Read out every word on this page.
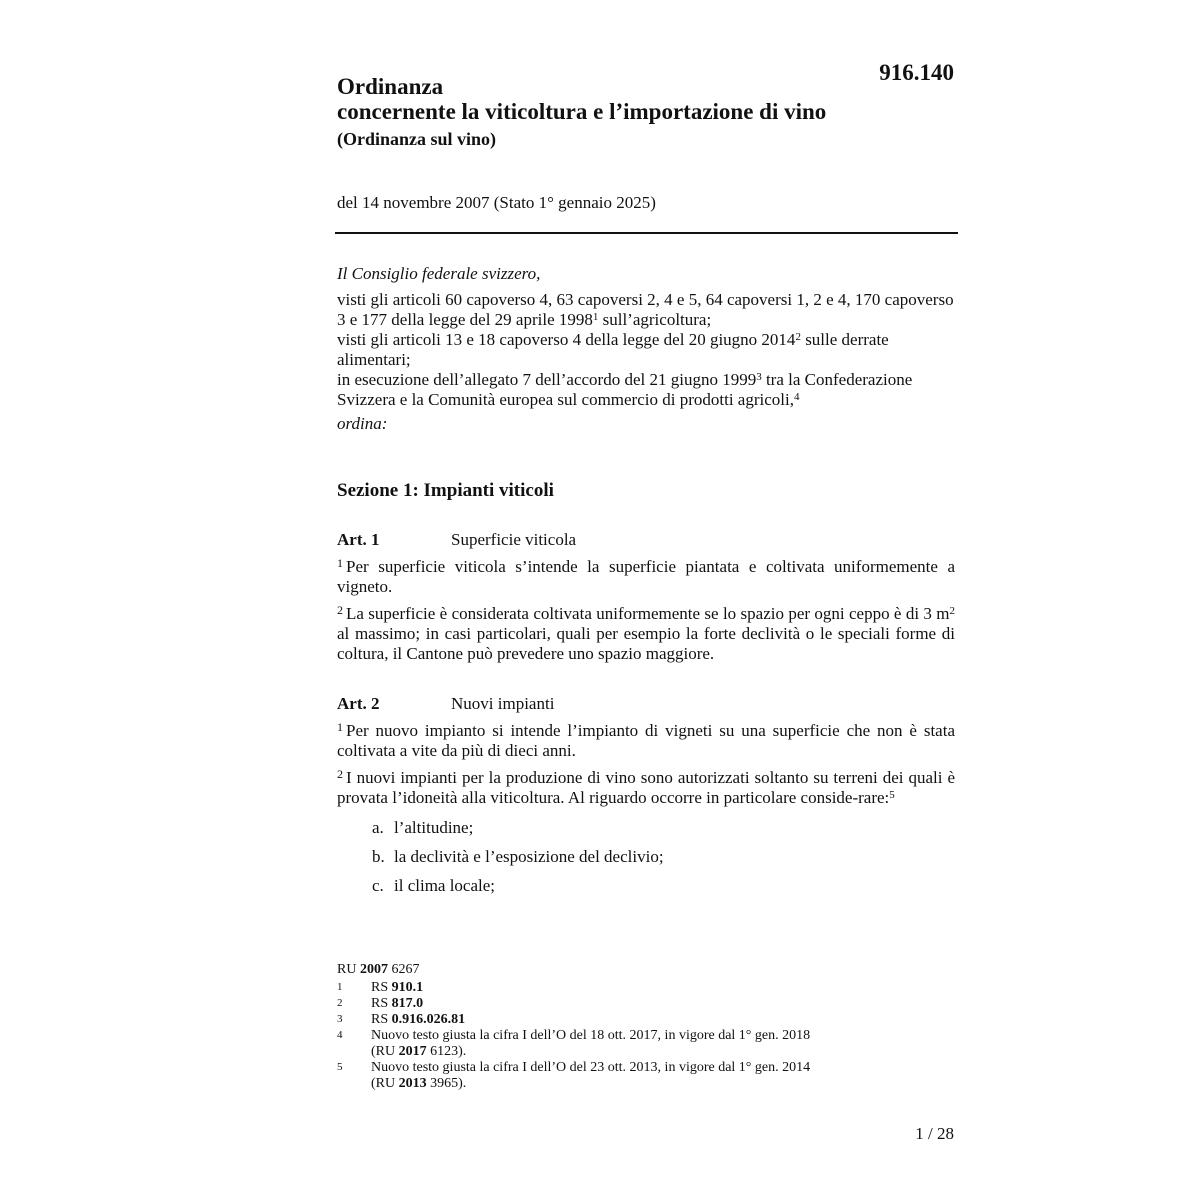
916.140
Ordinanza
concernente la viticoltura e l’importazione di vino
(Ordinanza sul vino)
del 14 novembre 2007 (Stato 1° gennaio 2025)

Il Consiglio federale svizzero,

visti gli articoli 60 capoverso 4, 63 capoversi 2, 4 e 5, 64 capoversi 1, 2 e 4, 170 capoverso 3 e 177 della legge del 29 aprile 1998$^1$ sull’agricoltura;

visti gli articoli 13 e 18 capoverso 4 della legge del 20 giugno 2014$^2$ sulle derrate alimentari;

in esecuzione dell’allegato 7 dell’accordo del 21 giugno 1999$^3$ tra la Confederazione Svizzera e la Comunità europea sul commercio di prodotti agricoli,$^4$

ordina:

Sezione 1: Impianti viticoli
Art. 1	Superficie viticola

$^1$ Per superficie viticola s’intende la superficie piantata e coltivata uniformemente a vigneto.

$^2$ La superficie è considerata coltivata uniformemente se lo spazio per ogni ceppo è di 3 m$^2$ al massimo; in casi particolari, quali per esempio la forte declività o le speciali forme di coltura, il Cantone può prevedere uno spazio maggiore.

Art. 2	Nuovi impianti

$^1$ Per nuovo impianto si intende l’impianto di vigneti su una superficie che non è stata coltivata a vite da più di dieci anni.

$^2$ I nuovi impianti per la produzione di vino sono autorizzati soltanto su terreni dei quali è provata l’idoneità alla viticoltura. Al riguardo occorre in particolare conside-rare:$^5$

a. l’altitudine;
b. la declività e l’esposizione del declivio;
c. il clima locale;
RU 2007 6267
1	RS 910.1
2	RS 817.0
3	RS 0.916.026.81
4	Nuovo testo giusta la cifra I dell’O del 18 ott. 2017, in vigore dal 1° gen. 2018
(RU 2017 6123).
5	Nuovo testo giusta la cifra I dell’O del 23 ott. 2013, in vigore dal 1° gen. 2014
(RU 2013 3965).
1 / 28
